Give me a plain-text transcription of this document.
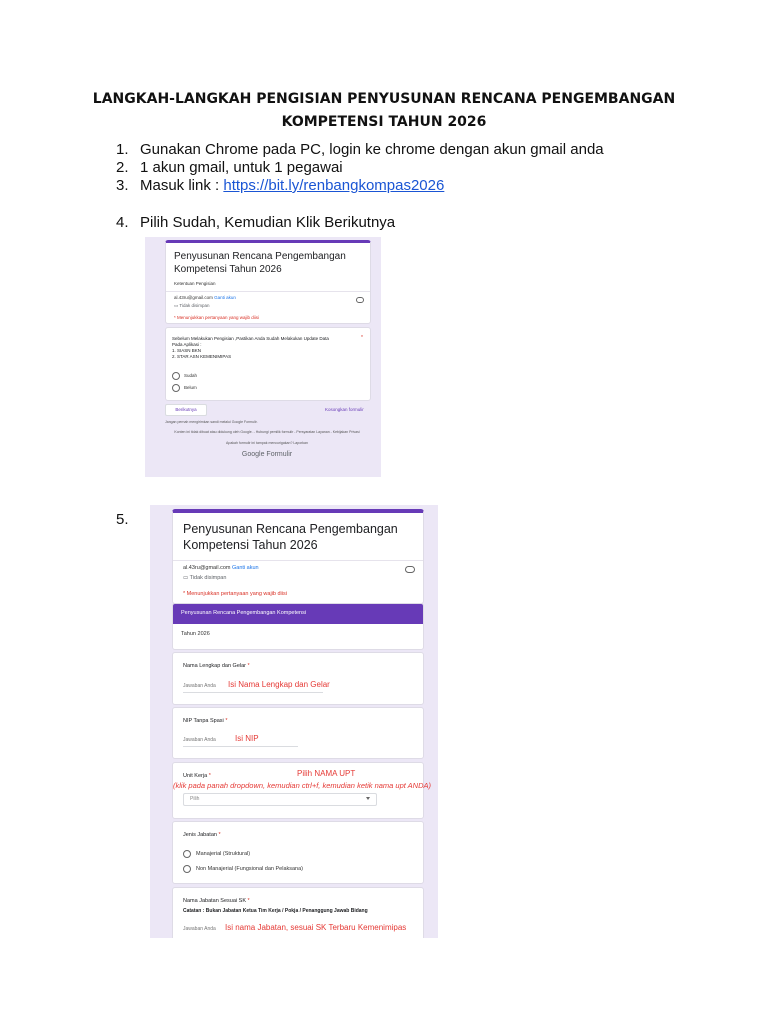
LANGKAH-LANGKAH PENGISIAN PENYUSUNAN RENCANA PENGEMBANGAN
KOMPETENSI TAHUN 2026
1. Gunakan Chrome pada PC, login ke chrome dengan akun gmail anda
2. 1 akun gmail, untuk 1 pegawai
3. Masuk link : https://bit.ly/renbangkompas2026
4. Pilih Sudah, Kemudian Klik Berikutnya
Penyusunan Rencana Pengembangan
Kompetensi Tahun 2026
Ketentuan Pengisian
al.43ru@gmail.com Ganti akun
▭ Tidak disimpan
* Menunjukkan pertanyaan yang wajib diisi
Sebelum Melakukan Pengisian ,Pastikan Anda Sudah Melakukan Update Data
Pada Aplikasi :
1. SIASN BKN
2. STAR ASN KEMENIMIPAS
*
Sudah
Belum
Berikutnya	Kosongkan formulir
Jangan pernah mengirimkan sandi melalui Google Formulir.
Konten ini tidak dibuat atau didukung oleh Google. - Hubungi pemilik formulir - Persyaratan Layanan - Kebijakan Privasi
Apakah formulir ini tampak mencurigakan? Laporkan
Google Formulir
5.
Penyusunan Rencana Pengembangan
Kompetensi Tahun 2026
al.43ru@gmail.com Ganti akun
▭ Tidak disimpan
* Menunjukkan pertanyaan yang wajib diisi
Penyusunan Rencana Pengembangan Kompetensi
Tahun 2026
Nama Lengkap dan Gelar *
Jawaban Anda Isi Nama Lengkap dan Gelar
NIP Tanpa Spasi *
Jawaban Anda Isi NIP
Unit Kerja *	Pilih NAMA UPT
(klik pada panah dropdown, kemudian ctrl+f, kemudian ketik nama upt ANDA)
Pilih
Jenis Jabatan *
Manajerial (Struktural)
Non Manajerial (Fungsional dan Pelaksana)
Nama Jabatan Sesuai SK *
Catatan : Bukan Jabatan Ketua Tim Kerja / Pokja / Penanggung Jawab Bidang
Jawaban Anda Isi nama Jabatan, sesuai SK Terbaru Kemenimipas
